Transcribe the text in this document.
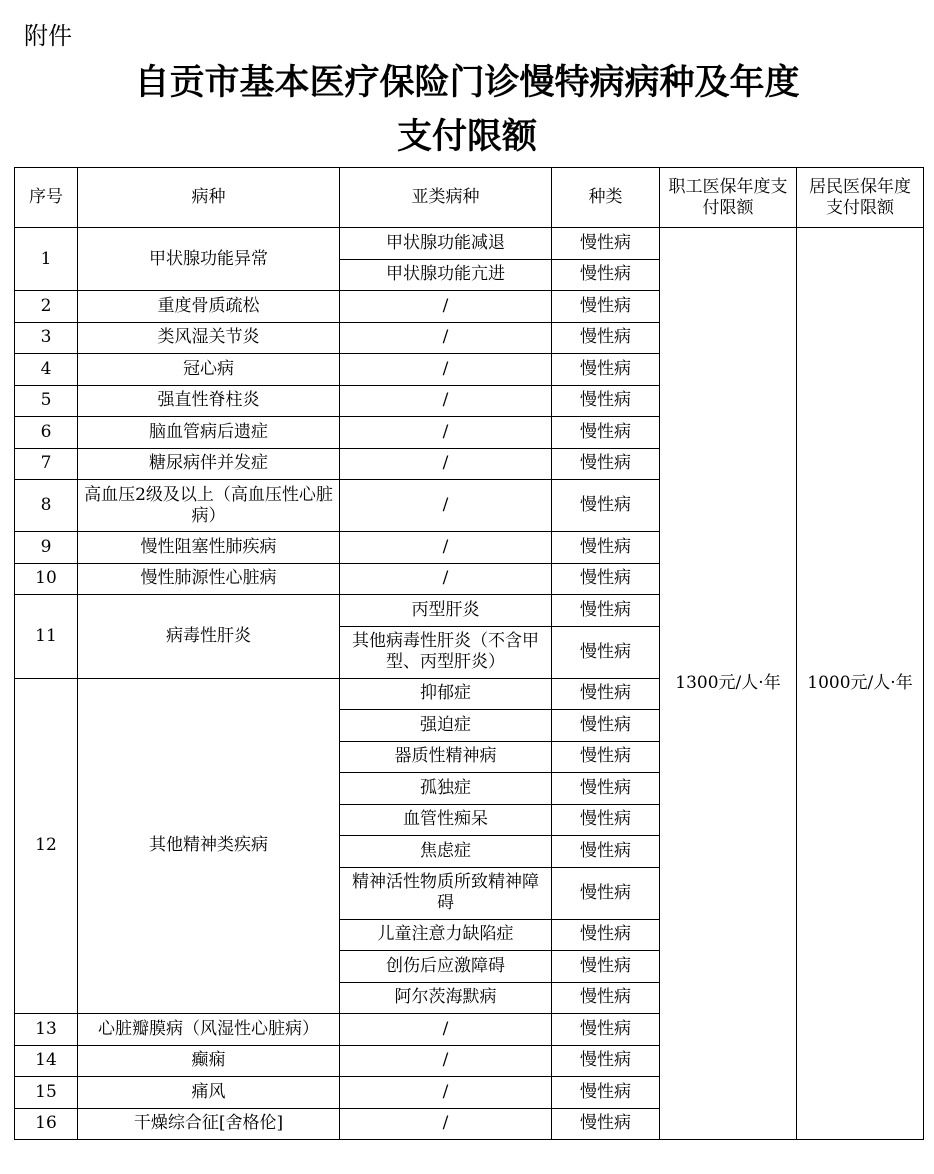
附件
自贡市基本医疗保险门诊慢特病病种及年度
支付限额
序号	病种	亚类病种	种类	职工医保年度支付限额	居民医保年度支付限额
1	甲状腺功能异常	甲状腺功能减退	慢性病	1300元/人·年	1000元/人·年
		甲状腺功能亢进	慢性病		
2	重度骨质疏松	/	慢性病		
3	类风湿关节炎	/	慢性病		
4	冠心病	/	慢性病		
5	强直性脊柱炎	/	慢性病		
6	脑血管病后遗症	/	慢性病		
7	糖尿病伴并发症	/	慢性病		
8	高血压2级及以上（高血压性心脏病）	/	慢性病		
9	慢性阻塞性肺疾病	/	慢性病		
10	慢性肺源性心脏病	/	慢性病		
11	病毒性肝炎	丙型肝炎	慢性病		
		其他病毒性肝炎（不含甲型、丙型肝炎）	慢性病		
12	其他精神类疾病	抑郁症	慢性病		
		强迫症	慢性病		
		器质性精神病	慢性病		
		孤独症	慢性病		
		血管性痴呆	慢性病		
		焦虑症	慢性病		
		精神活性物质所致精神障碍	慢性病		
		儿童注意力缺陷症	慢性病		
		创伤后应激障碍	慢性病		
		阿尔茨海默病	慢性病		
13	心脏瓣膜病（风湿性心脏病）	/	慢性病		
14	癫痫	/	慢性病		
15	痛风	/	慢性病		
16	干燥综合征[舍格伦]	/	慢性病		
